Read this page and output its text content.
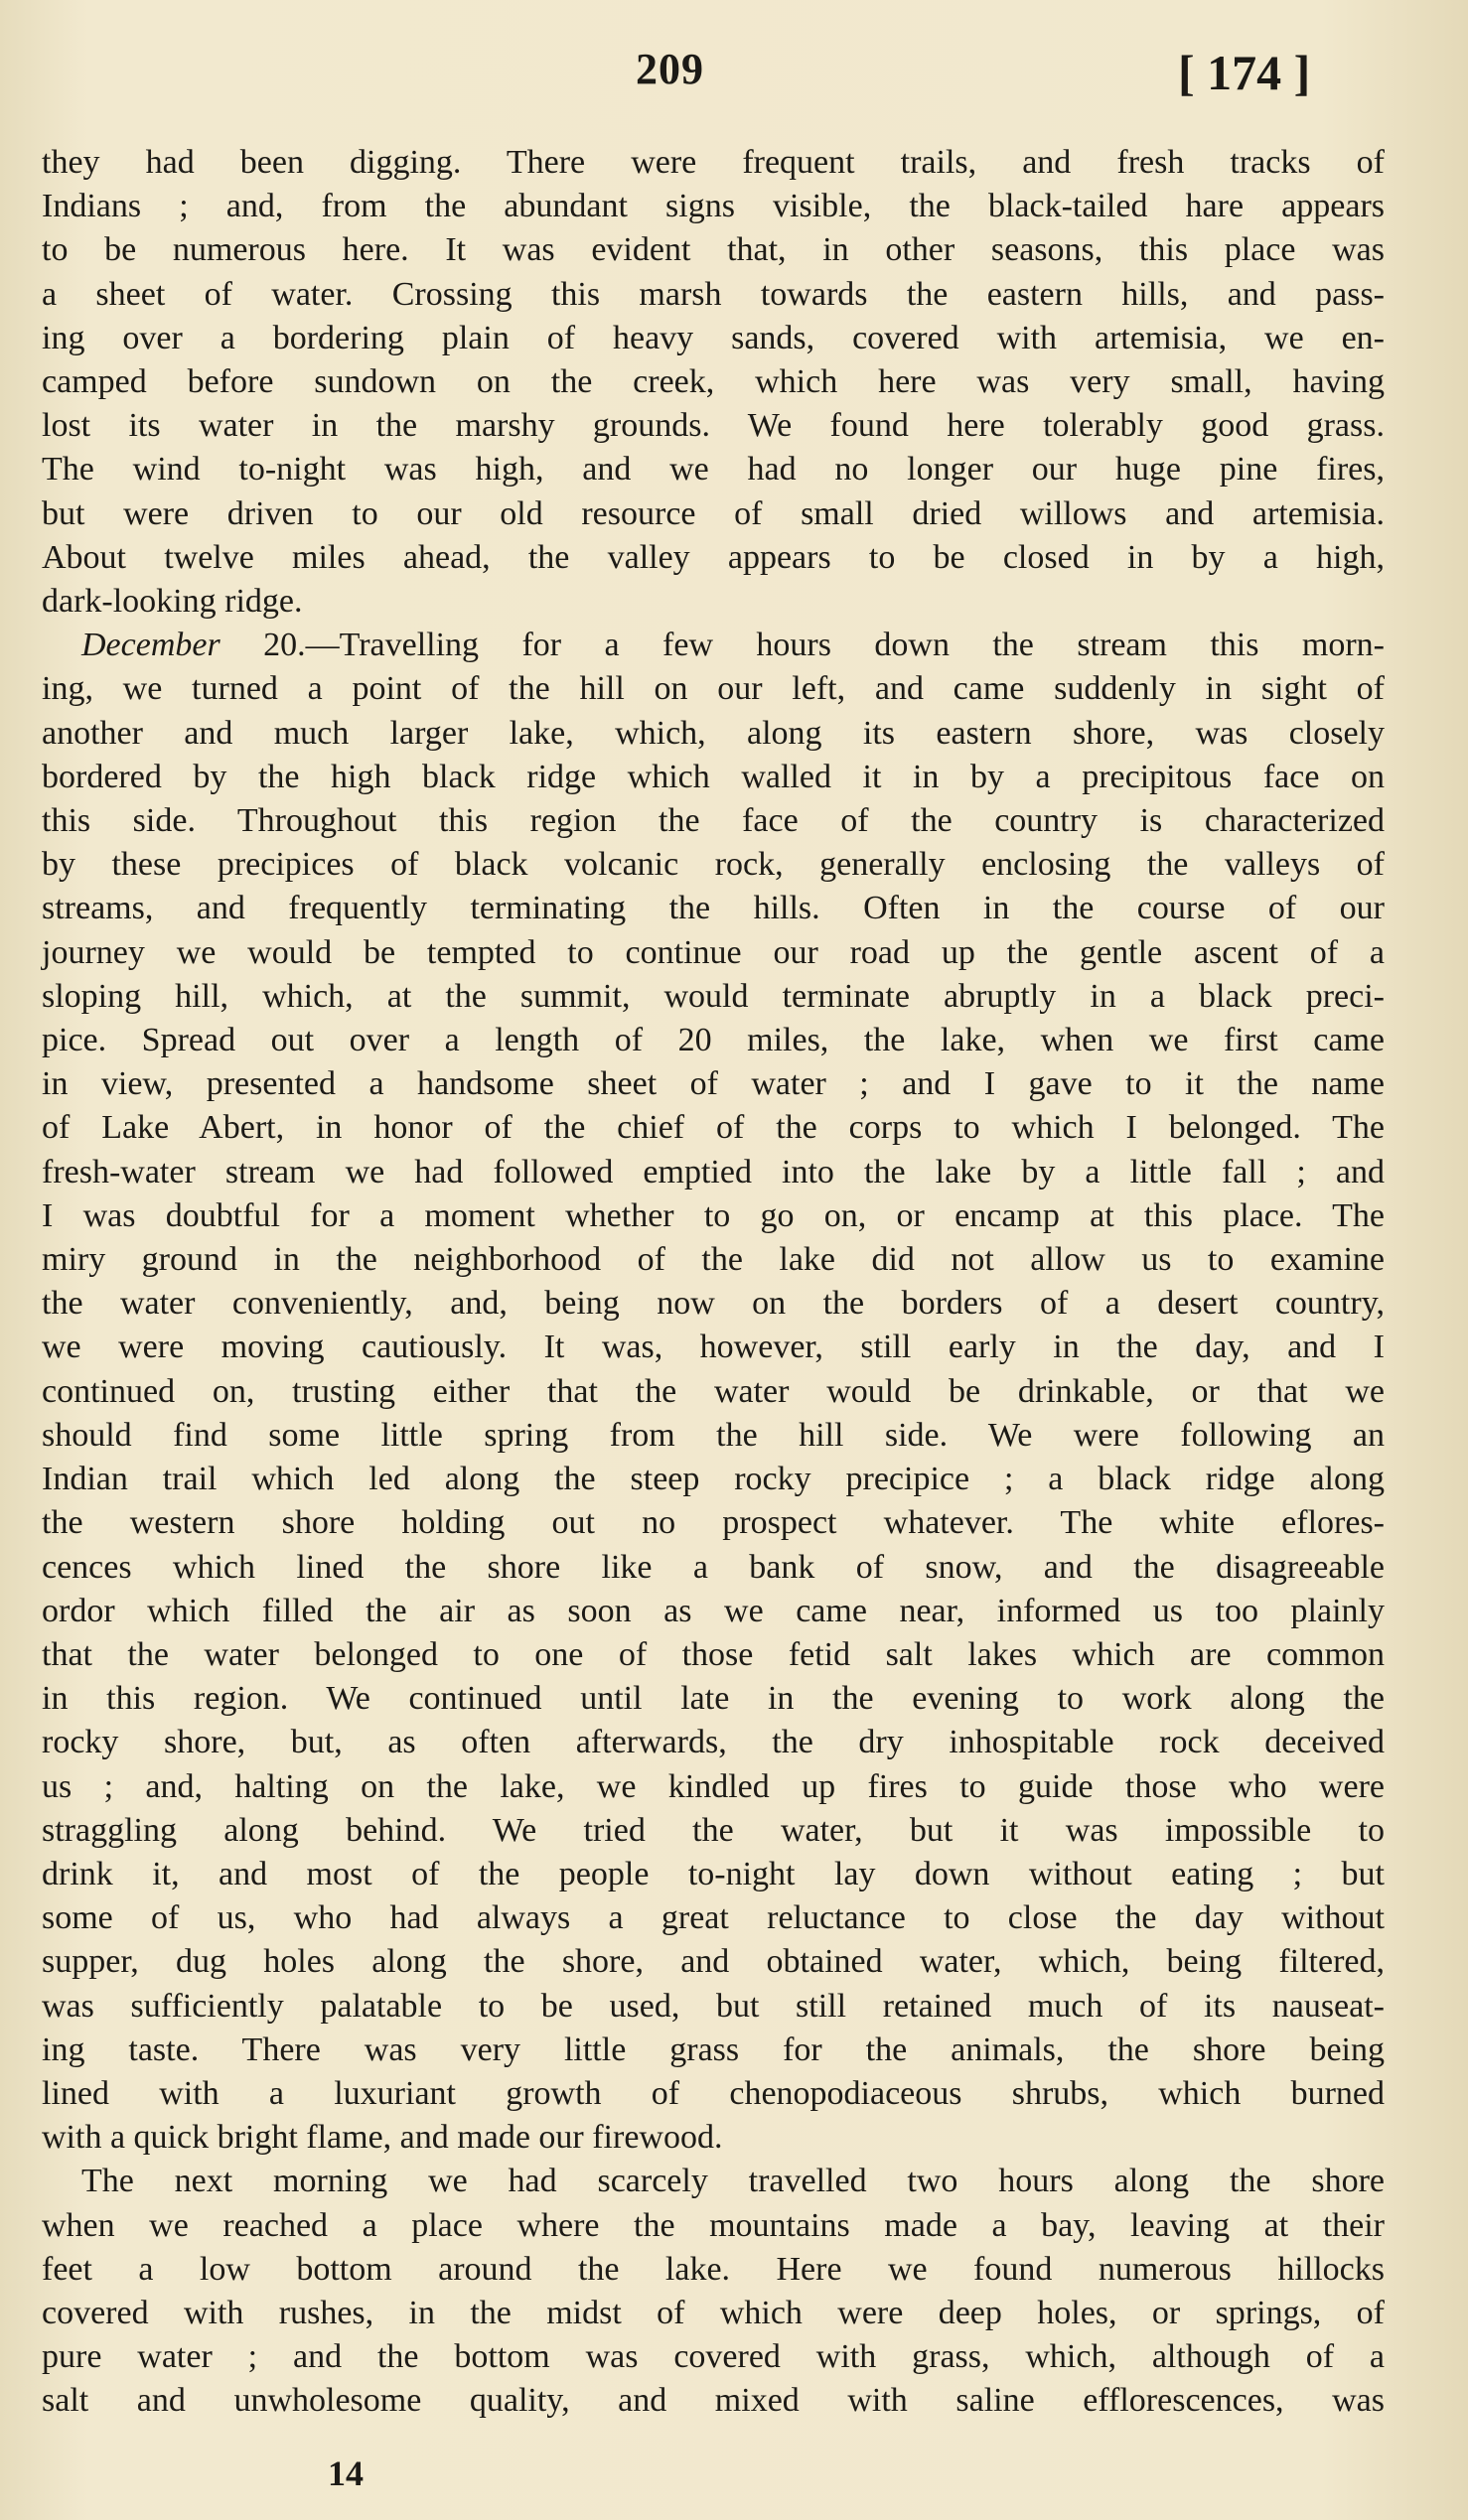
209	[ 174 ]
they had been digging. There were frequent trails, and fresh tracks of
Indians ; and, from the abundant signs visible, the black-tailed hare appears
to be numerous here. It was evident that, in other seasons, this place was
a sheet of water. Crossing this marsh towards the eastern hills, and pass-
ing over a bordering plain of heavy sands, covered with artemisia, we en-
camped before sundown on the creek, which here was very small, having
lost its water in the marshy grounds. We found here tolerably good grass.
The wind to-night was high, and we had no longer our huge pine fires,
but were driven to our old resource of small dried willows and artemisia.
About twelve miles ahead, the valley appears to be closed in by a high,
dark-looking ridge.
December 20.—Travelling for a few hours down the stream this morn-
ing, we turned a point of the hill on our left, and came suddenly in sight of
another and much larger lake, which, along its eastern shore, was closely
bordered by the high black ridge which walled it in by a precipitous face on
this side. Throughout this region the face of the country is characterized
by these precipices of black volcanic rock, generally enclosing the valleys of
streams, and frequently terminating the hills. Often in the course of our
journey we would be tempted to continue our road up the gentle ascent of a
sloping hill, which, at the summit, would terminate abruptly in a black preci-
pice. Spread out over a length of 20 miles, the lake, when we first came
in view, presented a handsome sheet of water ; and I gave to it the name
of Lake Abert, in honor of the chief of the corps to which I belonged. The
fresh-water stream we had followed emptied into the lake by a little fall ; and
I was doubtful for a moment whether to go on, or encamp at this place. The
miry ground in the neighborhood of the lake did not allow us to examine
the water conveniently, and, being now on the borders of a desert country,
we were moving cautiously. It was, however, still early in the day, and I
continued on, trusting either that the water would be drinkable, or that we
should find some little spring from the hill side. We were following an
Indian trail which led along the steep rocky precipice ; a black ridge along
the western shore holding out no prospect whatever. The white eflores-
cences which lined the shore like a bank of snow, and the disagreeable
ordor which filled the air as soon as we came near, informed us too plainly
that the water belonged to one of those fetid salt lakes which are common
in this region. We continued until late in the evening to work along the
rocky shore, but, as often afterwards, the dry inhospitable rock deceived
us ; and, halting on the lake, we kindled up fires to guide those who were
straggling along behind. We tried the water, but it was impossible to
drink it, and most of the people to-night lay down without eating ; but
some of us, who had always a great reluctance to close the day without
supper, dug holes along the shore, and obtained water, which, being filtered,
was sufficiently palatable to be used, but still retained much of its nauseat-
ing taste. There was very little grass for the animals, the shore being
lined with a luxuriant growth of chenopodiaceous shrubs, which burned
with a quick bright flame, and made our firewood.
The next morning we had scarcely travelled two hours along the shore
when we reached a place where the mountains made a bay, leaving at their
feet a low bottom around the lake. Here we found numerous hillocks
covered with rushes, in the midst of which were deep holes, or springs, of
pure water ; and the bottom was covered with grass, which, although of a
salt and unwholesome quality, and mixed with saline efflorescences, was
14
